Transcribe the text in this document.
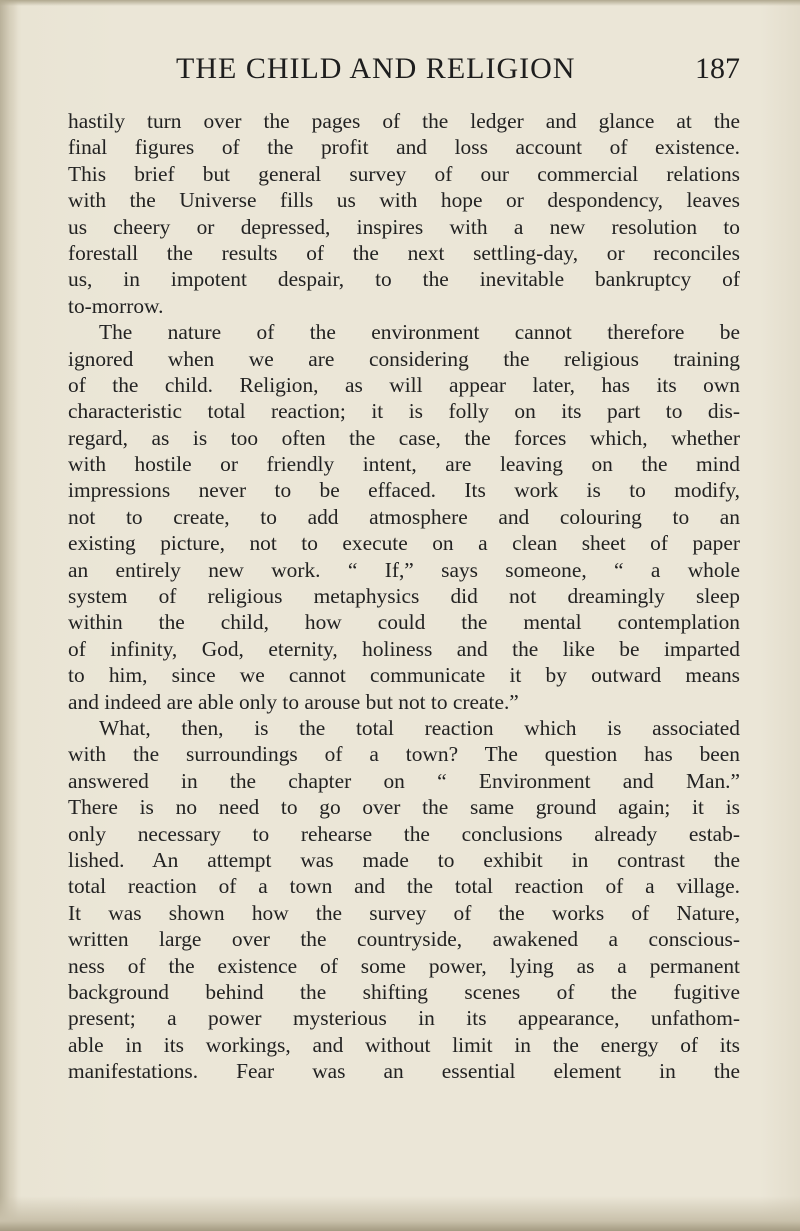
THE CHILD AND RELIGION	187
hastily turn over the pages of the ledger and glance at the
final figures of the profit and loss account of existence.
This brief but general survey of our commercial relations
with the Universe fills us with hope or despondency, leaves
us cheery or depressed, inspires with a new resolution to
forestall the results of the next settling-day, or reconciles
us, in impotent despair, to the inevitable bankruptcy of
to-morrow.
The nature of the environment cannot therefore be
ignored when we are considering the religious training
of the child. Religion, as will appear later, has its own
characteristic total reaction; it is folly on its part to dis-
regard, as is too often the case, the forces which, whether
with hostile or friendly intent, are leaving on the mind
impressions never to be effaced. Its work is to modify,
not to create, to add atmosphere and colouring to an
existing picture, not to execute on a clean sheet of paper
an entirely new work. “ If,” says someone, “ a whole
system of religious metaphysics did not dreamingly sleep
within the child, how could the mental contemplation
of infinity, God, eternity, holiness and the like be imparted
to him, since we cannot communicate it by outward means
and indeed are able only to arouse but not to create.”
What, then, is the total reaction which is associated
with the surroundings of a town? The question has been
answered in the chapter on “ Environment and Man.”
There is no need to go over the same ground again; it is
only necessary to rehearse the conclusions already estab-
lished. An attempt was made to exhibit in contrast the
total reaction of a town and the total reaction of a village.
It was shown how the survey of the works of Nature,
written large over the countryside, awakened a conscious-
ness of the existence of some power, lying as a permanent
background behind the shifting scenes of the fugitive
present; a power mysterious in its appearance, unfathom-
able in its workings, and without limit in the energy of its
manifestations. Fear was an essential element in the
